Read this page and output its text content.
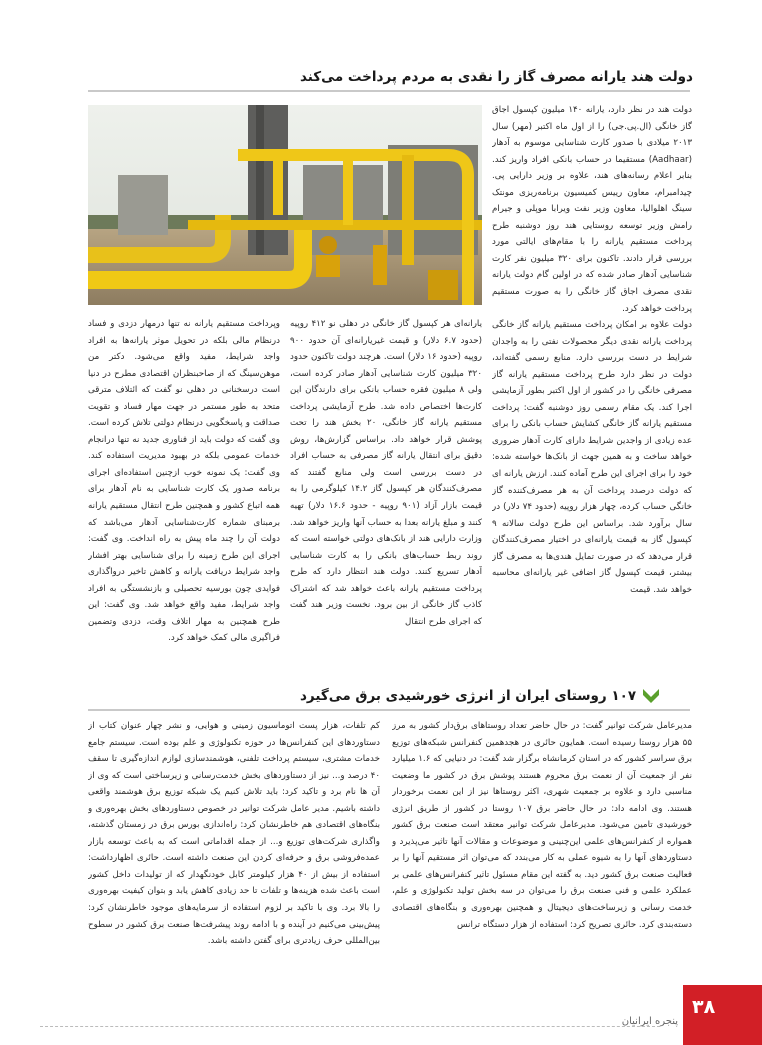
دولت هند یارانه مصرف گاز را نقدی به مردم پرداخت می‌کند

دولت هند در نظر دارد، یارانه ۱۴۰ میلیون کپسول اجاق گاز خانگی (ال.پی.جی) را از اول ماه اکتبر (مهر) سال ۲۰۱۳ میلادی با صدور کارت شناسایی موسوم به آدهار (Aadhaar) مستقیما در حساب بانکی افراد واریز کند. بنابر اعلام رسانه‌های هند، علاوه بر وزیر دارایی پی. چیدامبرام، معاون رییس کمیسیون برنامه‌ریزی مونتک سینگ اهلوالیا، معاون وزیر نفت ویرابا موپلی و جیرام رامش وزیر توسعه روستایی هند روز دوشنبه طرح پرداخت مستقیم یارانه را با مقام‌های ایالتی مورد بررسی قرار دادند. تاکنون برای ۳۲۰ میلیون نفر کارت شناسایی آدهار صادر شده که در اولین گام دولت یارانه نقدی مصرف اجاق گاز خانگی را به صورت مستقیم پرداخت خواهد کرد.

دولت علاوه بر امکان پرداخت مستقیم یارانه گاز خانگی پرداخت یارانه نقدی دیگر محصولات نفتی را به واجدان شرایط در دست بررسی دارد. منابع رسمی گفته‌اند، دولت در نظر دارد طرح پرداخت مستقیم یارانه گاز مصرفی خانگی را در کشور از اول اکتبر بطور آزمایشی اجرا کند. یک مقام رسمی روز دوشنبه گفت: پرداخت مستقیم یارانه گاز خانگی کشایش حساب بانکی را برای عده زیادی از واجدین شرایط دارای کارت آدهار ضروری خواهد ساخت و به همین جهت از بانک‌ها خواسته شده: خود را برای اجرای این طرح آماده کنند. ارزش یارانه ای که دولت درصدد پرداخت آن به هر مصرف‌کننده گاز خانگی حساب کرده، چهار هزار روپیه (حدود ۷۴ دلار) در سال برآورد شد. براساس این طرح دولت سالانه ۹ کپسول گاز به قیمت یارانه‌ای در اختیار مصرف‌کنندگان قرار می‌دهد که در صورت تمایل هندی‌ها به مصرف گاز بیشتر، قیمت کپسول گاز اضافی غیر یارانه‌ای محاسبه خواهد شد. قیمت

یارانه‌ای هر کپسول گاز خانگی در دهلی نو ۴۱۲ روپیه (حدود ۶.۷ دلار) و قیمت غیریارانه‌ای آن حدود ۹۰۰ روپیه (حدود ۱۶ دلار) است. هرچند دولت تاکنون حدود ۳۲۰ میلیون کارت شناسایی آدهار صادر کرده است، ولی ۸ میلیون فقره حساب بانکی برای دارندگان این کارت‌ها اختصاص داده شد. طرح آزمایشی پرداخت مستقیم یارانه گاز خانگی، ۲۰ بخش هند را تحت پوشش قرار خواهد داد. براساس گزارش‌ها، روش دقیق برای انتقال یارانه گاز مصرفی به حساب افراد در دست بررسی است ولی منابع گفتند که مصرف‌کنندگان هر کپسول گاز ۱۴.۲ کیلوگرمی را به قیمت بازار آزاد (۹۰۱ روپیه - حدود ۱۶.۶ دلار) تهیه کنند و مبلغ یارانه بعدا به حساب آنها واریز خواهد شد. وزارت دارایی هند از بانک‌های دولتی خواسته است که روند ربط حساب‌های بانکی را به کارت شناسایی آدهار تسریع کنند. دولت هند انتظار دارد که طرح پرداخت مستقیم یارانه باعث خواهد شد که اشتراک کاذب گاز خانگی از بین برود. نخست وزیر هند گفت که اجرای طرح انتقال

وپرداخت مستقیم یارانه نه تنها درمهار دزدی و فساد درنظام مالی بلکه در تحویل موثر یارانه‌ها به افراد واجد شرایط، مفید واقع می‌شود. دکتر من موهن‌سینگ که از صاحبنظران اقتصادی مطرح در دنیا است درسخنانی در دهلی نو گفت که ائتلاف مترقی متحد به طور مستمر در جهت مهار فساد و تقویت صداقت و پاسخگویی درنظام دولتی تلاش کرده است. وی گفت که دولت باید از فناوری جدید نه تنها درانجام خدمات عمومی بلکه در بهبود مدیریت استفاده کند. وی گفت: یک نمونه خوب ازچنین استفاده‌ای اجرای برنامه صدور یک کارت شناسایی به نام آدهار برای همه اتباع کشور و همچنین طرح انتقال مستقیم یارانه برمبنای شماره کارت‌شناسایی آدهار می‌باشد که دولت آن را چند ماه پیش به راه انداخت. وی گفت: اجرای این طرح زمینه را برای شناسایی بهتر افشار واجد شرایط دریافت یارانه و کاهش تاخیر درواگذاری فوایدی چون بورسیه تحصیلی و بازنشستگی به افراد واجد شرایط، مفید واقع خواهد شد. وی گفت: این طرح همچنین به مهار اتلاف وقت، دزدی وتضمین فراگیری مالی کمک خواهد کرد.

۱۰۷ روستای ایران از انرژی خورشیدی برق می‌گیرد

مدیرعامل شرکت توانیر گفت: در حال حاضر تعداد روستاهای برق‌دار کشور به مرز ۵۵ هزار روستا رسیده است. همایون حائری در هجدهمین کنفرانس شبکه‌های توزیع برق سراسر کشور که در استان کرمانشاه برگزار شد گفت: در دنیایی که ۱.۶ میلیارد نفر از جمعیت آن از نعمت برق محروم هستند پوشش برق در کشور ما وضعیت مناسبی دارد و علاوه بر جمعیت شهری، اکثر روستاها نیز از این نعمت برخوردار هستند. وی ادامه داد: در حال حاضر برق ۱۰۷ روستا در کشور از طریق انرژی خورشیدی تامین می‌شود. مدیرعامل شرکت توانیر معتقد است صنعت برق کشور همواره از کنفرانس‌های علمی این‌چنینی و موضوعات و مقالات آنها تاثیر می‌پذیرد و دستاوردهای آنها را به شیوه عملی به کار می‌بندد که می‌توان اثر مستقیم آنها را بر فعالیت صنعت برق کشور دید. به گفته این مقام مسئول تاثیر کنفرانس‌های علمی بر عملکرد علمی و فنی صنعت برق را می‌توان در سه بخش تولید تکنولوژی و علم، خدمت رسانی و زیرساخت‌های دیجیتال و همچنین بهره‌وری و بنگاه‌های اقتصادی دسته‌بندی کرد. حائری تصریح کرد: استفاده از هزار دستگاه ترانس

کم تلفات، هزار پست اتوماسیون زمینی و هوایی، و نشر چهار عنوان کتاب از دستاوردهای این کنفرانس‌ها در حوزه تکنولوژی و علم بوده است. سیستم جامع خدمات مشتری، سیستم پرداخت تلفنی، هوشمندسازی لوازم اندازه‌گیری تا سقف ۴۰ درصد و... نیز از دستاوردهای بخش خدمت‌رسانی و زیرساختی است که وی از آن ها نام برد و تاکید کرد: باید تلاش کنیم یک شبکه توزیع برق هوشمند واقعی داشته باشیم. مدیر عامل شرکت توانیر در خصوص دستاوردهای بخش بهره‌وری و بنگاه‌های اقتصادی هم خاطرنشان کرد: راه‌اندازی بورس برق در زمستان گذشته، واگذاری شرکت‌های توزیع و... از جمله اقداماتی است که به باعث توسعه بازار عمده‌فروشی برق و حرفه‌ای کردن این صنعت داشته است. حائری اظهارداشت: استفاده از بیش از ۴۰ هزار کیلومتر کابل خودنگهدار که از تولیدات داخل کشور است باعث شده هزینه‌ها و تلفات تا حد زیادی کاهش یابد و بتوان کیفیت بهره‌وری را بالا برد. وی با تاکید بر لزوم استفاده از سرمایه‌های موجود خاطرنشان کرد: پیش‌بینی می‌کنیم در آینده و با ادامه روند پیشرفت‌ها صنعت برق کشور در سطوح بین‌المللی حرف زیادتری برای گفتن داشته باشد.

۳۸
پنجره ایرانیان
